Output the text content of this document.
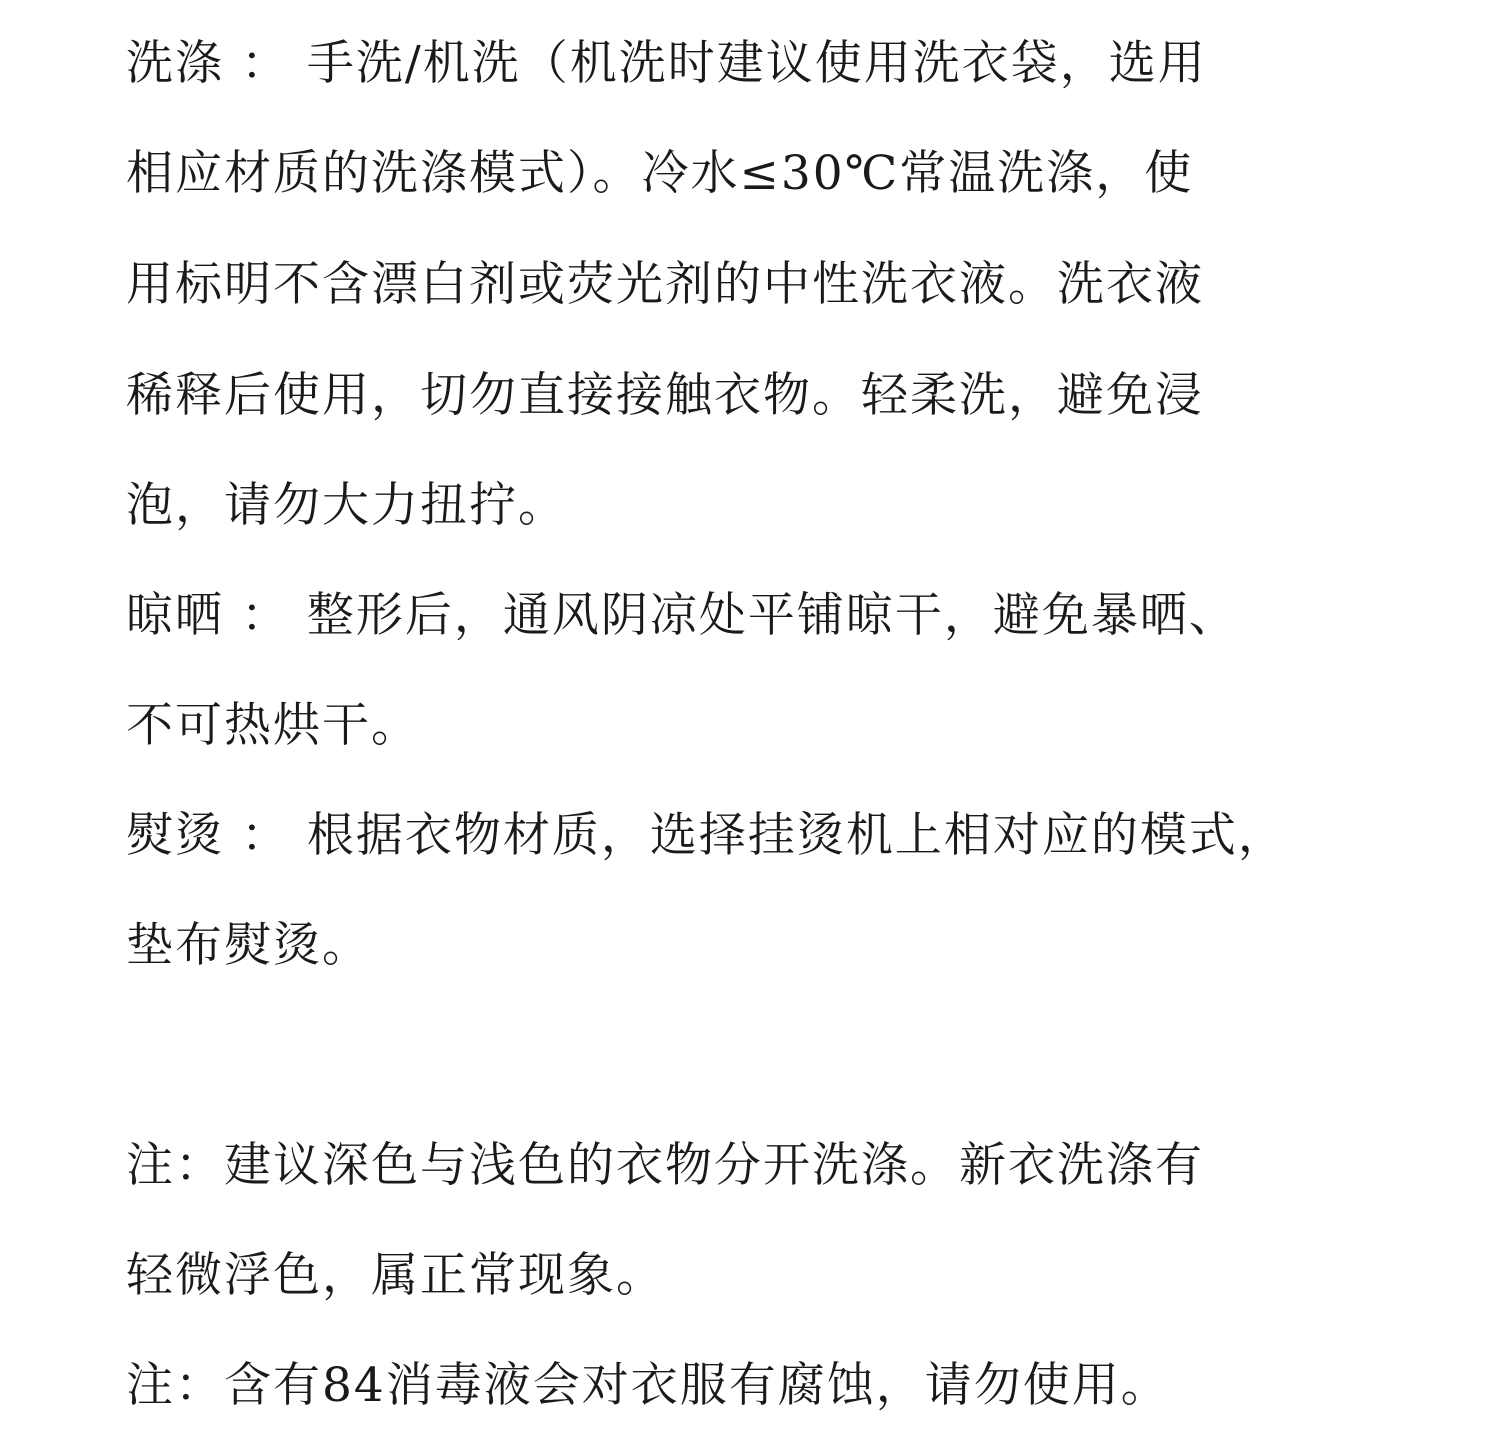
洗涤 ： 手洗/机洗（机洗时建议使用洗衣袋，选用
相应材质的洗涤模式）。冷水≤30℃常温洗涤，使
用标明不含漂白剂或荧光剂的中性洗衣液。洗衣液
稀释后使用，切勿直接接触衣物。轻柔洗，避免浸
泡，请勿大力扭拧。
晾晒 ： 整形后，通风阴凉处平铺晾干，避免暴晒、
不可热烘干。
熨烫 ： 根据衣物材质，选择挂烫机上相对应的模式，
垫布熨烫。
注：建议深色与浅色的衣物分开洗涤。新衣洗涤有
轻微浮色，属正常现象。
注：含有84消毒液会对衣服有腐蚀，请勿使用。
